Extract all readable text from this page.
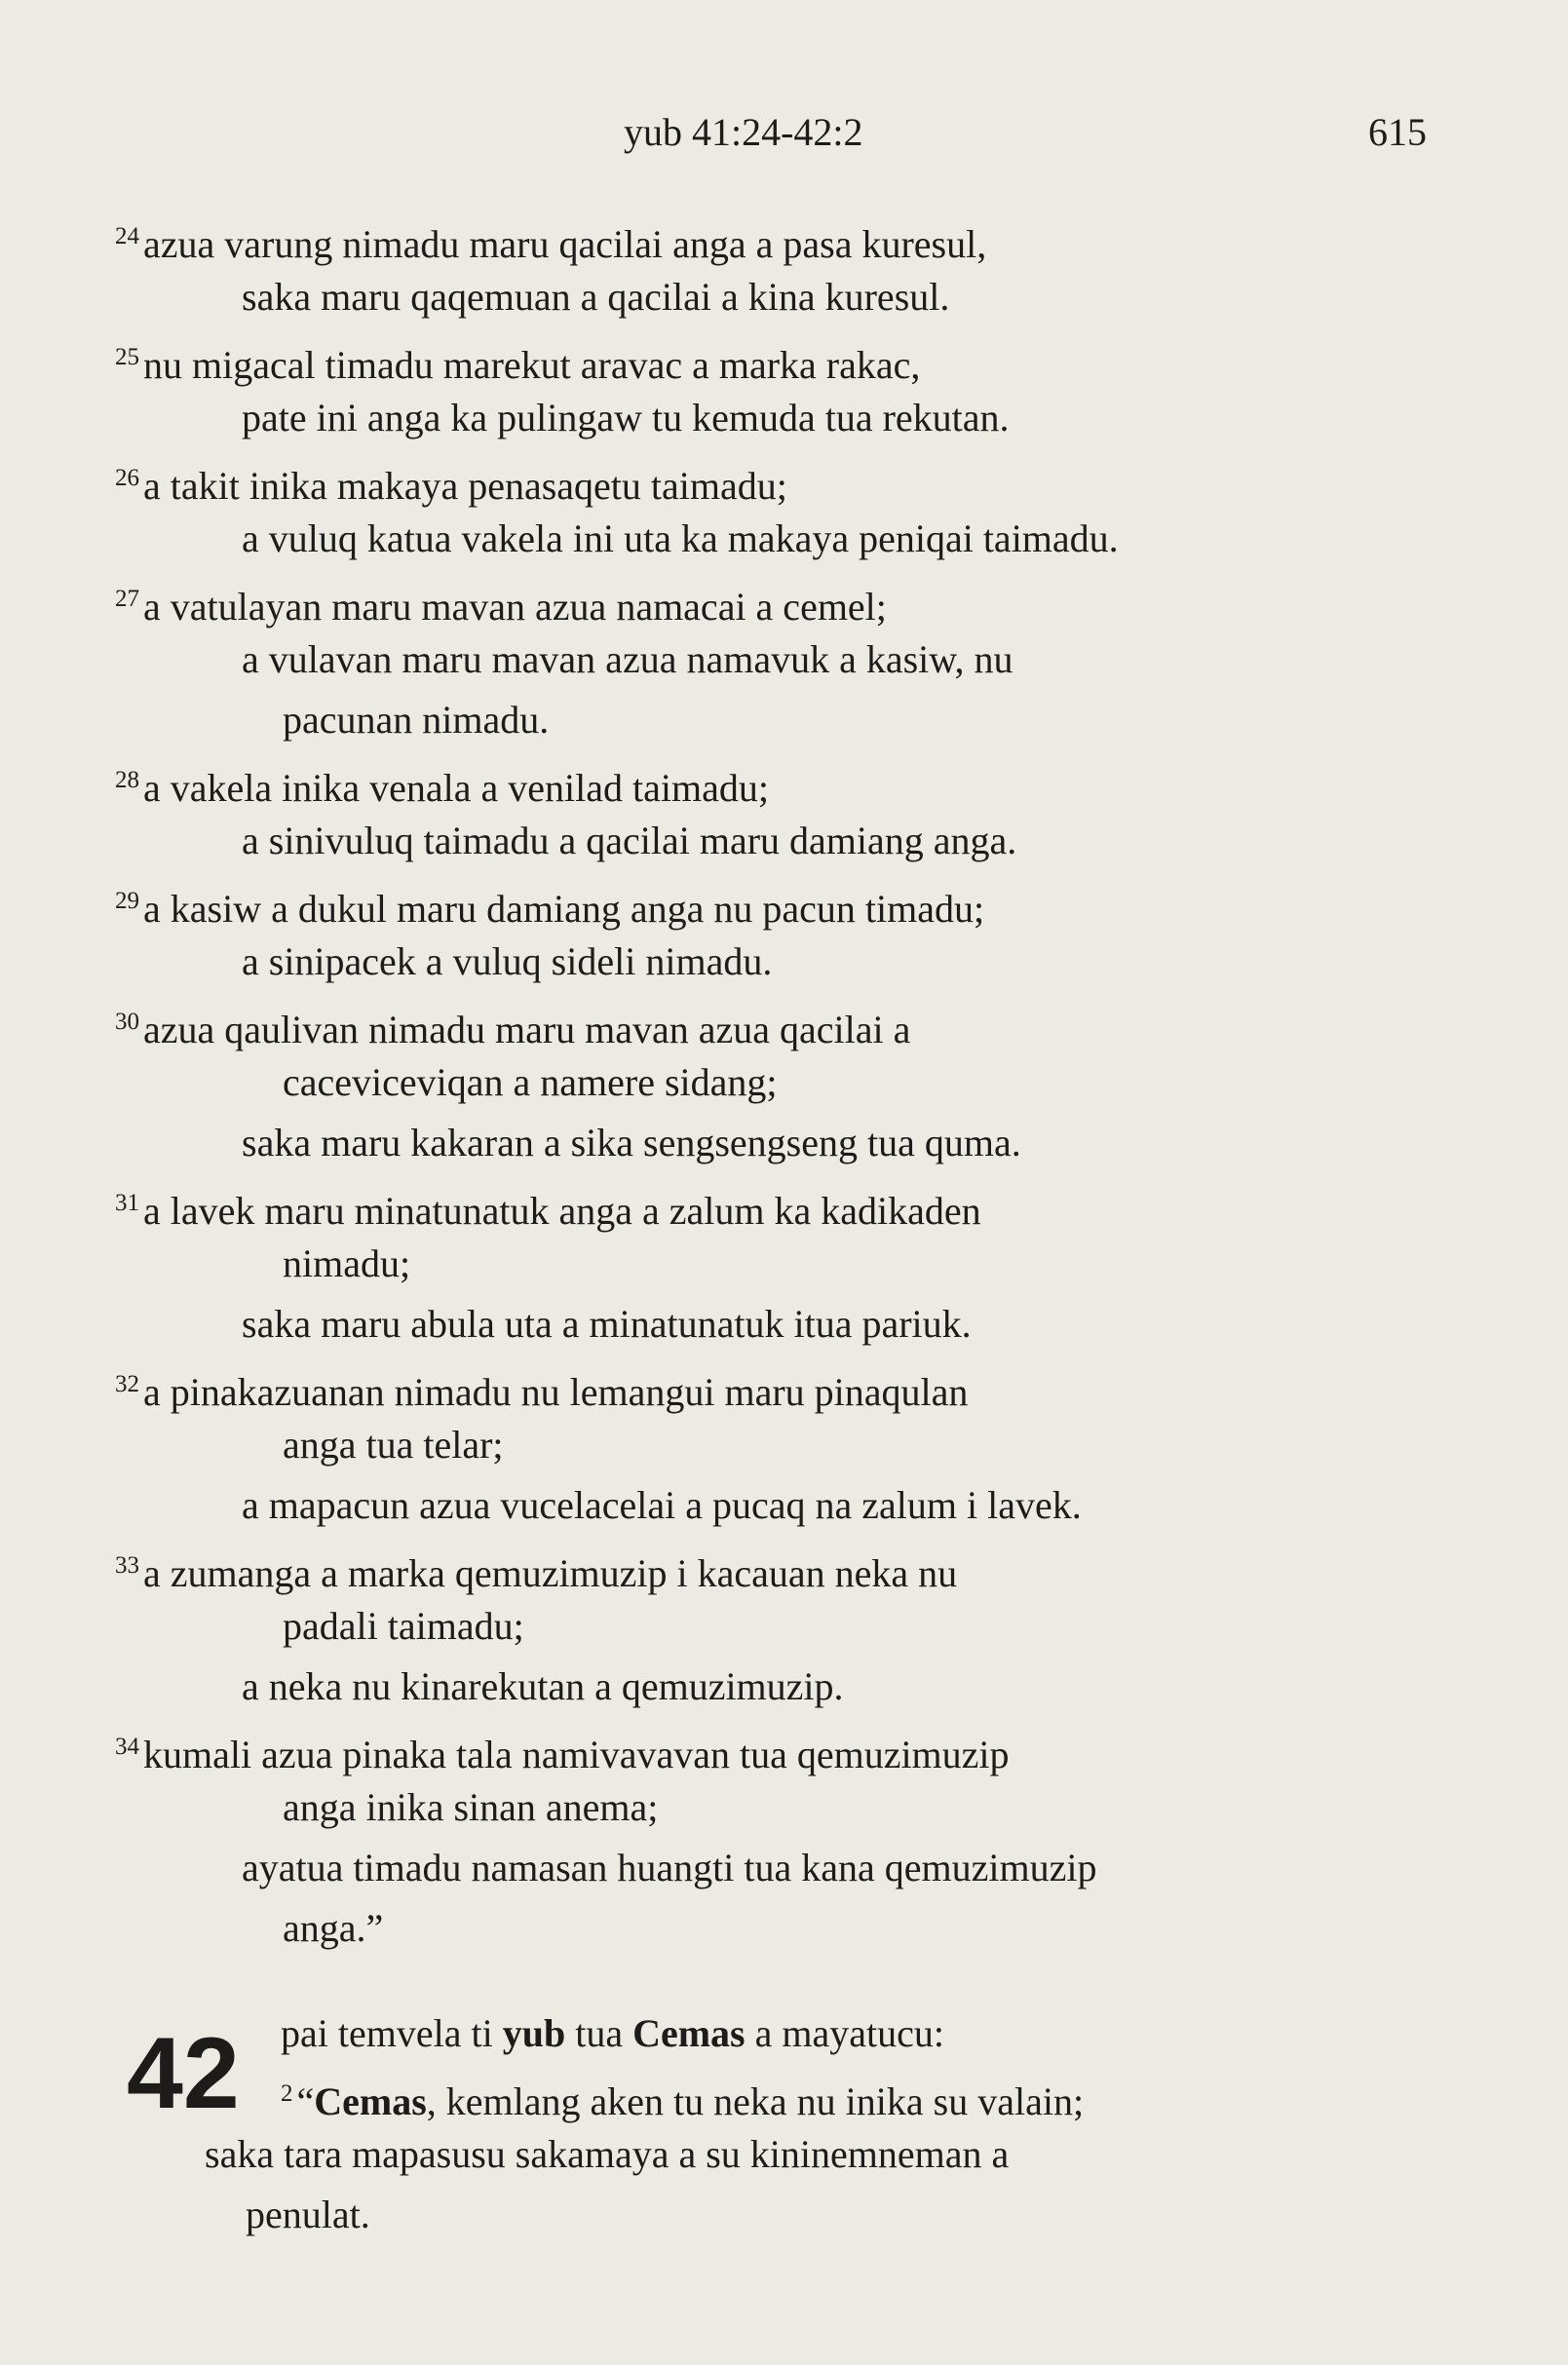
yub 41:24-42:2	615
$^{24}$ azua varung nimadu maru qacilai anga a pasa kuresul,
saka maru qaqemuan a qacilai a kina kuresul.
$^{25}$ nu migacal timadu marekut aravac a marka rakac,
pate ini anga ka pulingaw tu kemuda tua rekutan.
$^{26}$ a takit inika makaya penasaqetu taimadu;
a vuluq katua vakela ini uta ka makaya peniqai taimadu.
$^{27}$ a vatulayan maru mavan azua namacai a cemel;
a vulavan maru mavan azua namavuk a kasiw, nu
pacunan nimadu.
$^{28}$ a vakela inika venala a venilad taimadu;
a sinivuluq taimadu a qacilai maru damiang anga.
$^{29}$ a kasiw a dukul maru damiang anga nu pacun timadu;
a sinipacek a vuluq sideli nimadu.
$^{30}$ azua qaulivan nimadu maru mavan azua qacilai a
caceviceviqan a namere sidang;
saka maru kakaran a sika sengsengseng tua quma.
$^{31}$ a lavek maru minatunatuk anga a zalum ka kadikaden
nimadu;
saka maru abula uta a minatunatuk itua pariuk.
$^{32}$ a pinakazuanan nimadu nu lemangui maru pinaqulan
anga tua telar;
a mapacun azua vucelacelai a pucaq na zalum i lavek.
$^{33}$ a zumanga a marka qemuzimuzip i kacauan neka nu
padali taimadu;
a neka nu kinarekutan a qemuzimuzip.
$^{34}$ kumali azua pinaka tala namivavavan tua qemuzimuzip
anga inika sinan anema;
ayatua timadu namasan huangti tua kana qemuzimuzip
anga.”
42	pai temvela ti yub tua Cemas a mayatucu:
$^2$ “Cemas, kemlang aken tu neka nu inika su valain;
saka tara mapasusu sakamaya a su kininemneman a
penulat.
